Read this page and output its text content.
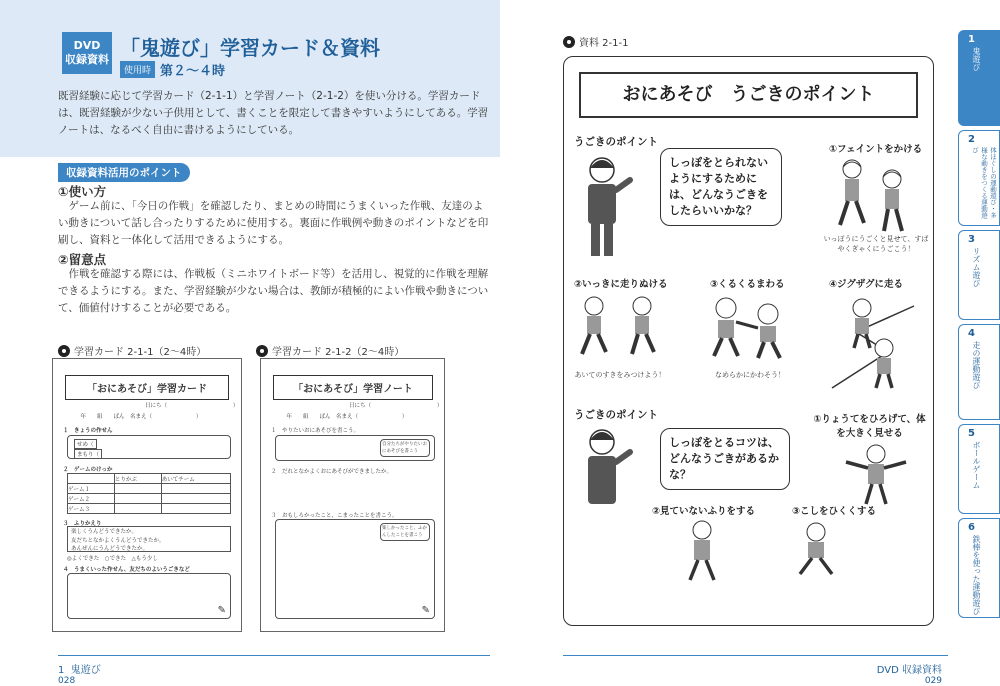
DVD
収録資料 「鬼遊び」学習カード＆資料
使用時 第２～４時
既習経験に応じて学習カード（2-1-1）と学習ノート（2-1-2）を使い分ける。学習カードは、既習経験が少ない子供用として、書くことを限定して書きやすいようにしてある。学習ノートは、なるべく自由に書けるようにしている。
収録資料活用のポイント
①使い方
ゲーム前に、「今日の作戦」を確認したり、まとめの時間にうまくいった作戦、友達のよい動きについて話し合ったりするために使用する。裏面に作戦例や動きのポイントなどを印刷し、資料と一体化して活用できるようにする。
②留意点
作戦を確認する際には、作戦板（ミニホワイトボード等）を活用し、視覚的に作戦を理解できるようにする。また、学習経験が少ない場合は、教師が積極的によい作戦や動きについて、価値付けすることが必要である。
学習カード 2-1-1（2～4時）
「おにあそび」学習カード
日にち（　　　　　　　　　　　　）
　年　　組　　ばん　名まえ（　　　　　　　　）
１　きょうの作せん
せめ（
まもり（
２　ゲームのけっか
	とりかぶ	あいてチーム
ゲーム１		
ゲーム２		
ゲーム３		
３　ふりかえり
楽しくうんどうできたか。
友だちとなかよくうんどうできたか。
あんぜんにうんどうできたか。
◎よくできた　○できた　△もう少し
４　うまくいった作せん、友だちのよいうごきなど
✎
学習カード 2-1-2（2～4時）
「おにあそび」学習ノート
日にち（　　　　　　　　　　　　）
　年　　組　　ばん　名まえ（　　　　　　　　）
１　やりたいおにあそびを書こう。
自分たちがやりたいおにあそびを書こう
２　だれとなかよくおにあそびができましたか。
３　おもしろかったこと、こまったことを書こう。
楽しかったこと、ふかんしたことを書こう
✎
1 鬼遊び
028
資料 2-1-1
おにあそび　うごきのポイント
うごきのポイント
しっぽをとられないようにするためには、どんなうごきをしたらいいかな？
①フェイントをかける
いっぽうにうごくと見せて、すばやくぎゃくにうごこう！
②いっきに走りぬける
あいてのすきをみつけよう！
③くるくるまわる
なめらかにかわそう！
④ジグザグに走る
うごきのポイント
しっぽをとるコツは、どんなうごきがあるかな？
①りょうてをひろげて、体を大きく見せる
②見ていないふりをする	③こしをひくくする
DVD 収録資料
029
1
鬼遊び
2
体ほぐしの運動遊び・多様な動きをつくる運動遊び
3
リズム遊び
4
走の運動遊び
5
ボールゲーム
6
鉄棒を使った運動遊び
